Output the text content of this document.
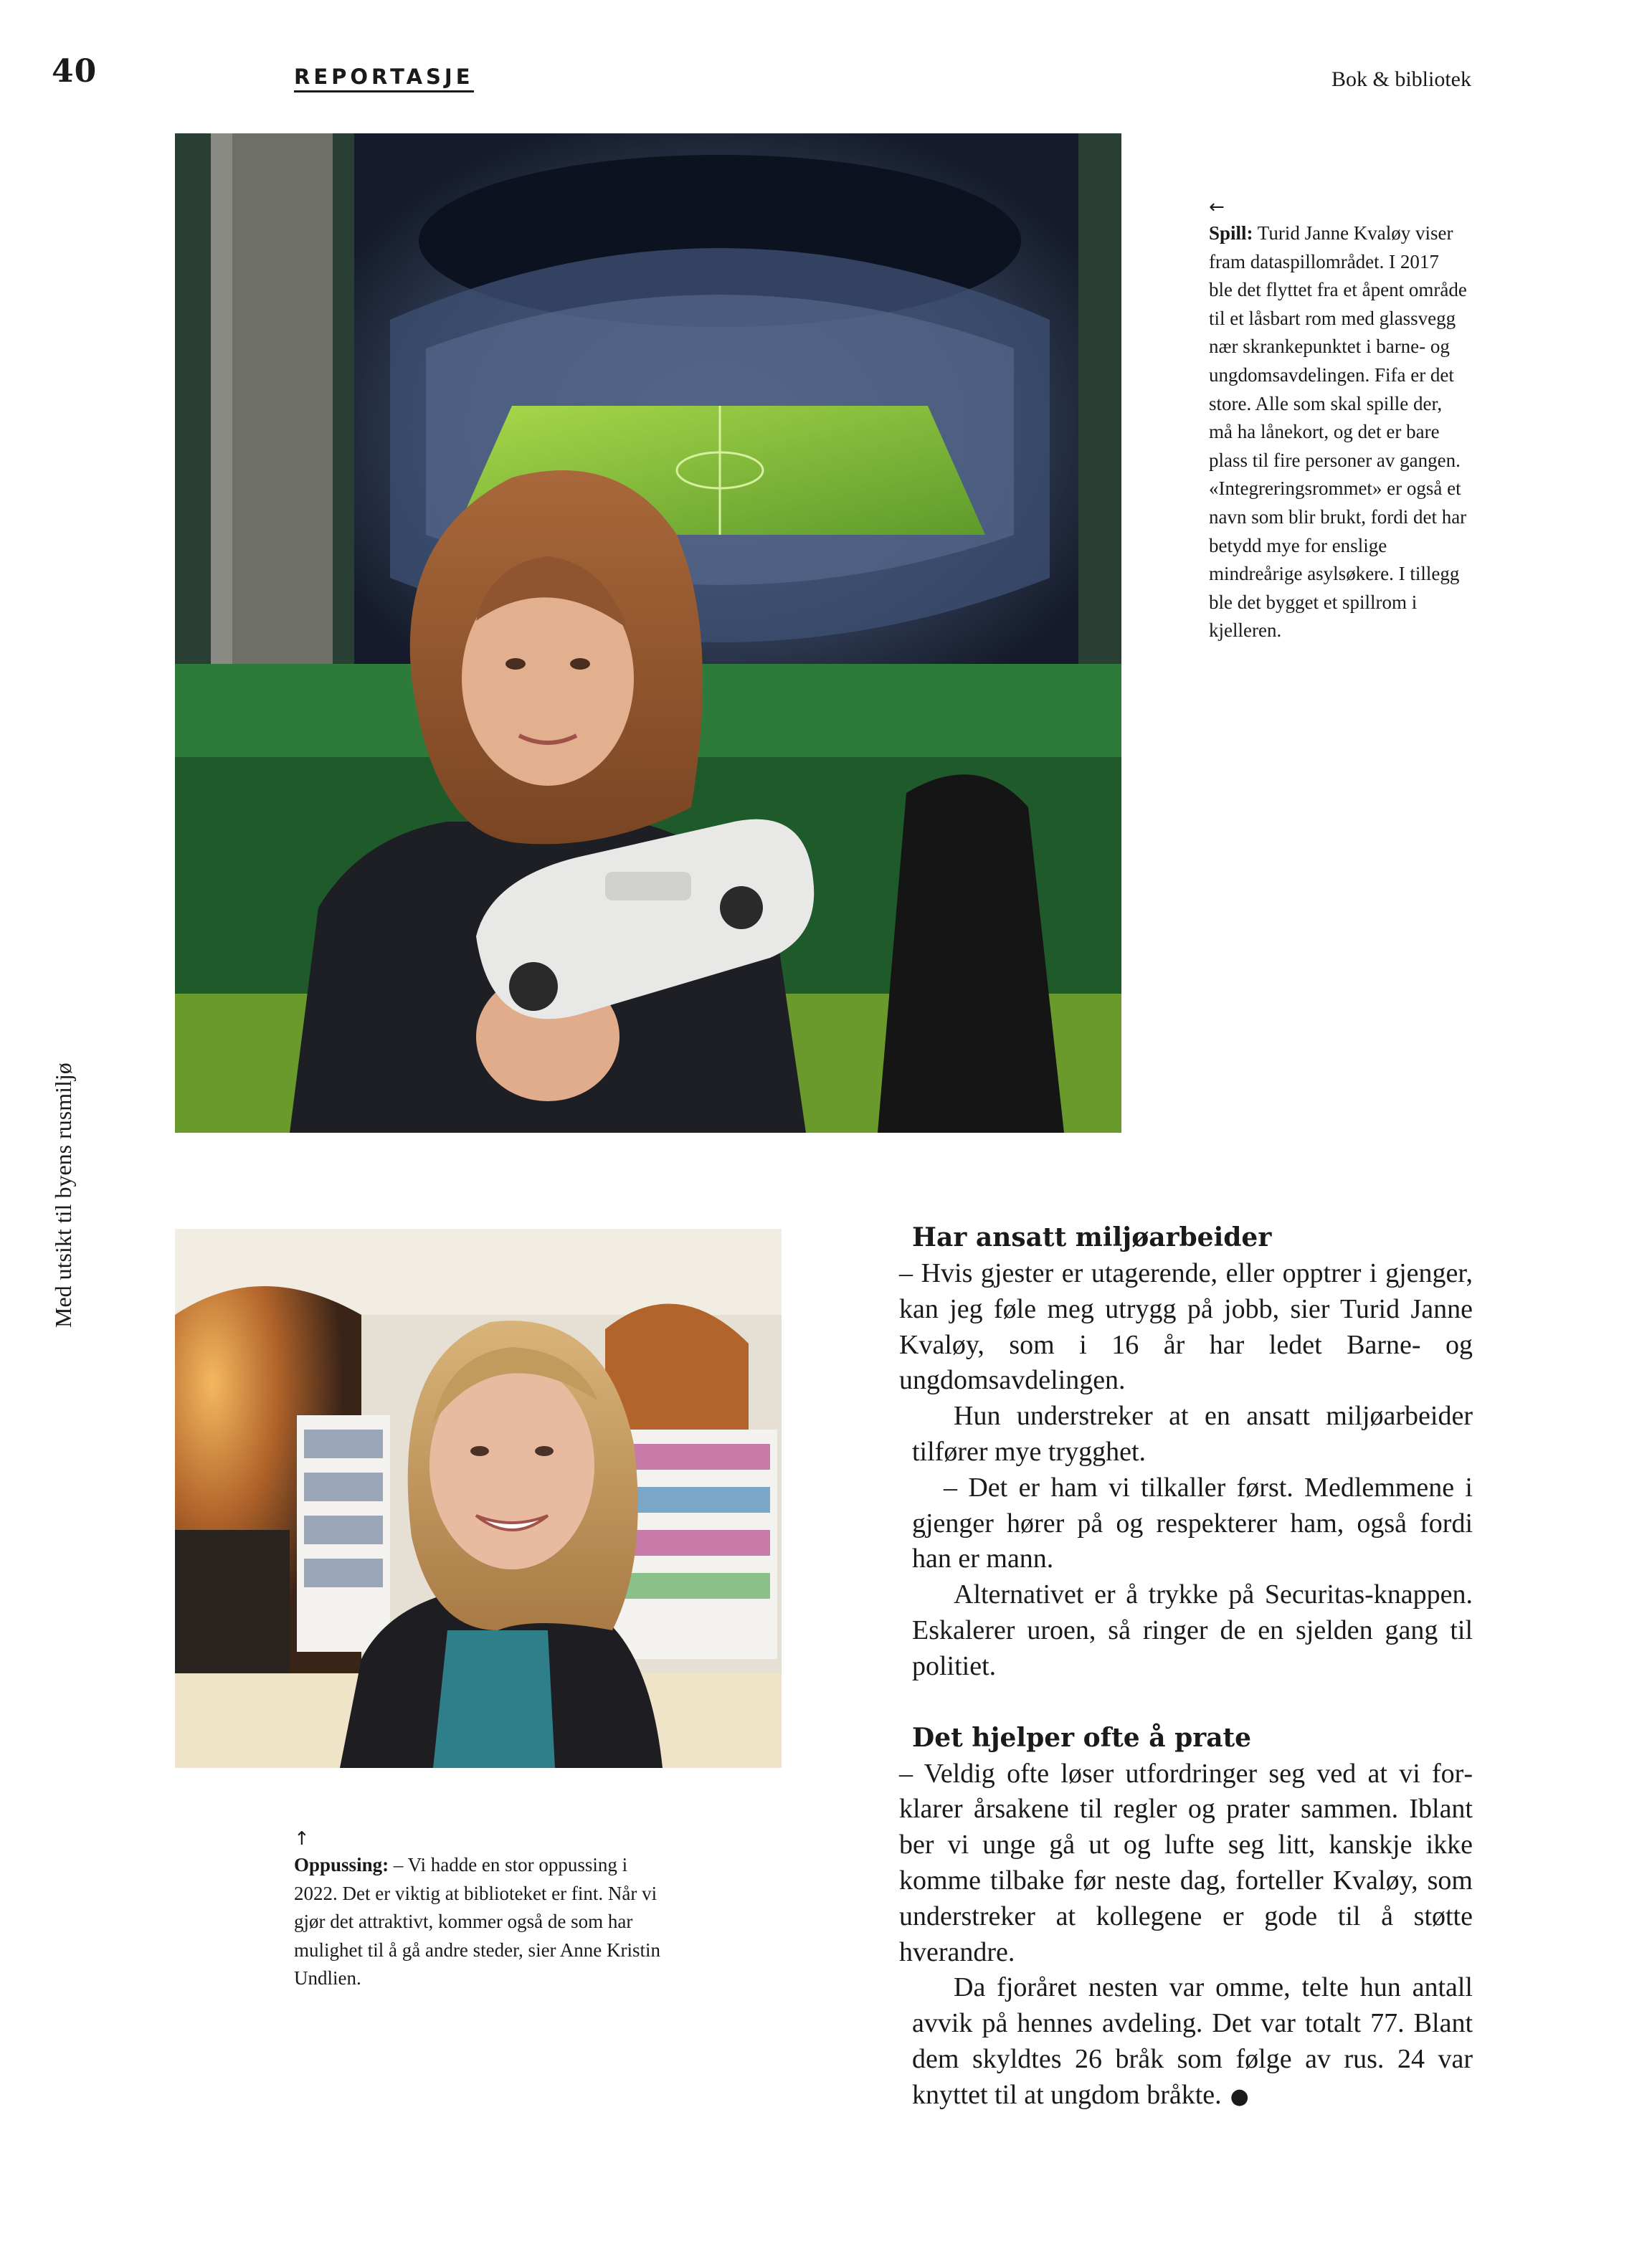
40	REPORTASJE	Bok & bibliotek
Med utsikt til byens rusmiljø
←
Spill: Turid Janne Kvaløy viser fram dataspillområdet. I 2017 ble det flyttet fra et åpent område til et låsbart rom med glassvegg nær skrankepunktet i barne- og ungdomsavdelingen. Fifa er det store. Alle som skal spille der, må ha lånekort, og det er bare plass til fire personer av gangen. «Integreringsrommet» er også et navn som blir brukt, fordi det har betydd mye for enslige mindreårige asylsøkere. I tillegg ble det bygget et spillrom i kjelleren.
↑
Oppussing: – Vi hadde en stor oppussing i 2022. Det er viktig at biblioteket er fint. Når vi gjør det attraktivt, kommer også de som har mulighet til å gå andre steder, sier Anne Kristin Undlien.
Har ansatt miljøarbeider

– Hvis gjester er utagerende, eller opptrer i gjenger, kan jeg føle meg utrygg på jobb, sier Turid Janne Kvaløy, som i 16 år har ledet Barne- og ungdomsavdelingen.

Hun understreker at en ansatt miljøarbeider tilfører mye trygghet.

– Det er ham vi tilkaller først. Medlemmene i gjenger hører på og respekterer ham, også fordi han er mann.

Alternativet er å trykke på Securitas-knappen. Eskalerer uroen, så ringer de en sjelden gang til politiet.

Det hjelper ofte å prate

– Veldig ofte løser utfordringer seg ved at vi forklarer årsakene til regler og prater sammen. Iblant ber vi unge gå ut og lufte seg litt, kanskje ikke komme tilbake før neste dag, forteller Kvaløy, som understreker at kollegene er gode til å støtte hverandre.

Da fjoråret nesten var omme, telte hun antall avvik på hennes avdeling. Det var totalt 77. Blant dem skyldtes 26 bråk som følge av rus. 24 var knyttet til at ungdom bråkte. ●
